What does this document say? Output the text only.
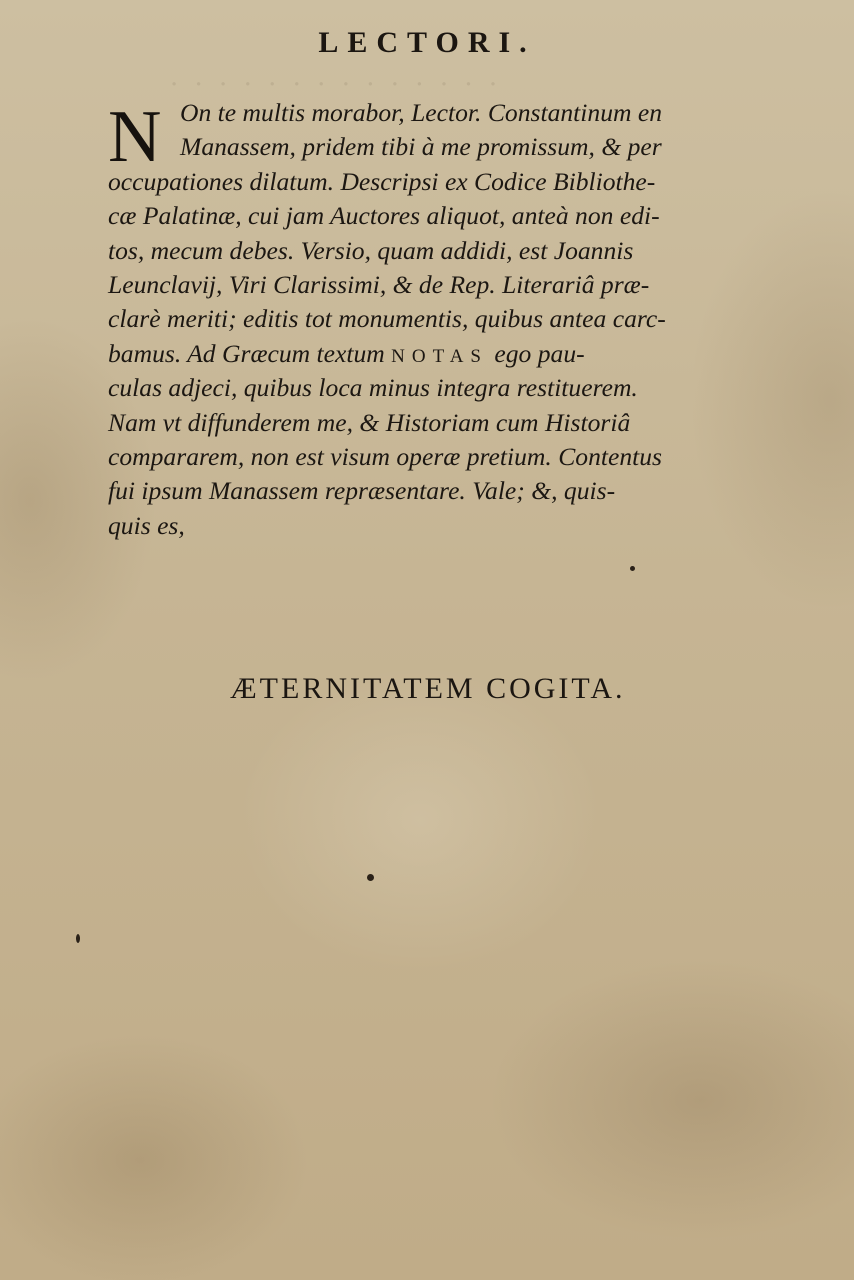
· · · · · · · · · · · · · ·
LECTORI.
N On te multis morabor, Lector. Constantinum en
Manassem, pridem tibi à me promissum, & per
occupationes dilatum. Descripsi ex Codice Bibliothe-
cæ Palatinæ, cui jam Auctores aliquot, anteà non edi-
tos, mecum debes. Versio, quam addidi, est Joannis
Leunclavij, Viri Clarissimi, & de Rep. Literariâ præ-
clarè meriti; editis tot monumentis, quibus antea carc-
bamus. Ad Græcum textum NOTAS ego pau-
culas adjeci, quibus loca minus integra restituerem.
Nam vt diffunderem me, & Historiam cum Historiâ
compararem, non est visum operæ pretium. Contentus
fui ipsum Manassem repræsentare. Vale; &, quis-
quis es,

ÆTERNITATEM COGITA.
